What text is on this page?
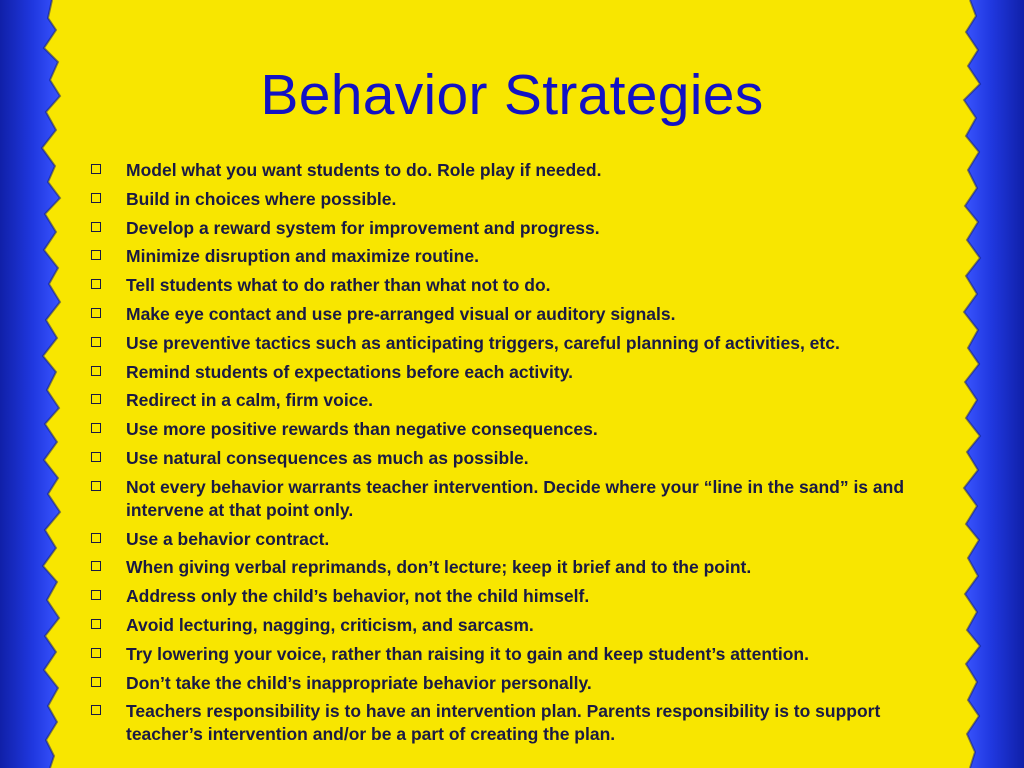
Behavior Strategies
Model what you want students to do. Role play if needed.
Build in choices where possible.
Develop a reward system for improvement and progress.
Minimize disruption and maximize routine.
Tell students what to do rather than what not to do.
Make eye contact and use pre-arranged visual or auditory signals.
Use preventive tactics such as anticipating triggers, careful planning of activities, etc.
Remind students of expectations before each activity.
Redirect in a calm, firm voice.
Use more positive rewards than negative consequences.
Use natural consequences as much as possible.
Not every behavior warrants teacher intervention. Decide where your “line in the sand” is and intervene at that point only.
Use a behavior contract.
When giving verbal reprimands, don’t lecture; keep it brief and to the point.
Address only the child’s behavior, not the child himself.
Avoid lecturing, nagging, criticism, and sarcasm.
Try lowering your voice, rather than raising it to gain and keep student’s attention.
Don’t take the child’s inappropriate behavior personally.
Teachers responsibility is to have an intervention plan. Parents responsibility is to support teacher’s intervention and/or be a part of creating the plan.
